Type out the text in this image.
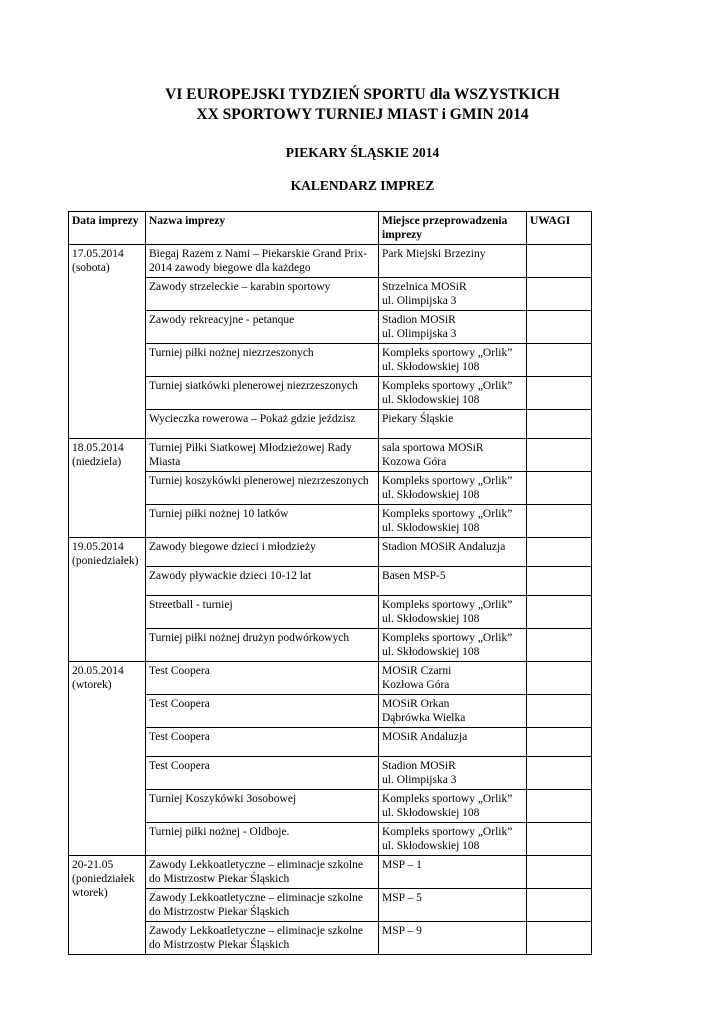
VI EUROPEJSKI TYDZIEŃ SPORTU dla WSZYSTKICH
XX SPORTOWY TURNIEJ MIAST i GMIN 2014
PIEKARY ŚLĄSKIE 2014
KALENDARZ IMPREZ
Data imprezy	Nazwa imprezy	Miejsce przeprowadzenia imprezy	UWAGI
17.05.2014
(sobota)	Biegaj Razem z Nami – Piekarskie Grand Prix-2014 zawody biegowe dla każdego	Park Miejski Brzeziny	
	Zawody strzeleckie – karabin sportowy	Strzelnica MOSiR
ul. Olimpijska 3	
	Zawody rekreacyjne - petanque	Stadion MOSiR
ul. Olimpijska 3	
	Turniej piłki nożnej niezrzeszonych	Kompleks sportowy „Orlik”
ul. Skłodowskiej 108	
	Turniej siatkówki plenerowej niezrzeszonych	Kompleks sportowy „Orlik”
ul. Skłodowskiej 108	
	Wycieczka rowerowa – Pokaż gdzie jeździsz	Piekary Śląskie	
18.05.2014
(niedziela)	Turniej Piłki Siatkowej Młodzieżowej Rady Miasta	sala sportowa MOSiR
Kozowa Góra	
	Turniej koszykówki plenerowej niezrzeszonych	Kompleks sportowy „Orlik”
ul. Skłodowskiej 108	
	Turniej piłki nożnej 10 latków	Kompleks sportowy „Orlik”
ul. Skłodowskiej 108	
19.05.2014
(poniedziałek)	Zawody biegowe dzieci i młodzieży	Stadion MOSiR Andaluzja	
	Zawody pływackie dzieci 10-12 lat	Basen MSP-5	
	Streetball - turniej	Kompleks sportowy „Orlik”
ul. Skłodowskiej 108	
	Turniej piłki nożnej drużyn podwórkowych	Kompleks sportowy „Orlik”
ul. Skłodowskiej 108	
20.05.2014
(wtorek)	Test Coopera	MOSiR Czarni
Kozłowa Góra	
	Test Coopera	MOSiR Orkan
Dąbrówka Wielka	
	Test Coopera	MOSiR Andaluzja	
	Test Coopera	Stadion MOSiR
ul. Olimpijska 3	
	Turniej Koszykówki 3osobowej	Kompleks sportowy „Orlik”
ul. Skłodowskiej 108	
	Turniej piłki nożnej - Oldboje.	Kompleks sportowy „Orlik”
ul. Skłodowskiej 108	
20-21.05
(poniedziałek wtorek)	Zawody Lekkoatletyczne – eliminacje szkolne do Mistrzostw Piekar Śląskich	MSP – 1	
	Zawody Lekkoatletyczne – eliminacje szkolne do Mistrzostw Piekar Śląskich	MSP – 5	
	Zawody Lekkoatletyczne – eliminacje szkolne do Mistrzostw Piekar Śląskich	MSP – 9	
